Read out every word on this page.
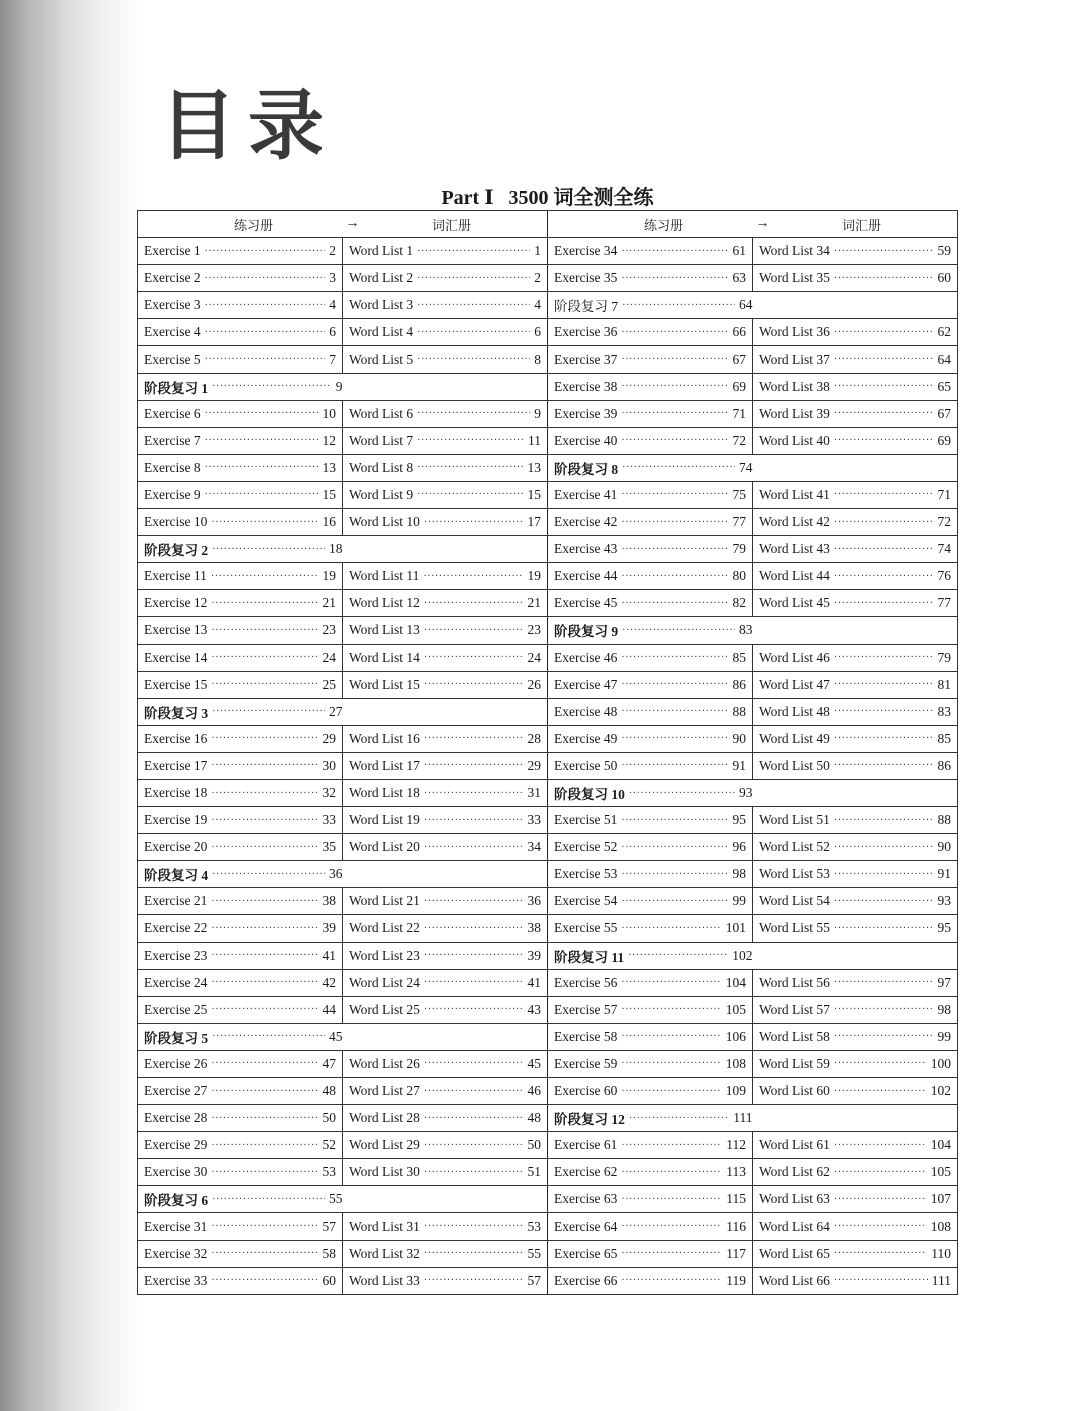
目录
Part Ⅰ   3500 词全测全练
练习册 → 词汇册		练习册 → 词汇册	

Exercise 1 ····· 2	Word List 1 ····· 1	Exercise 34 ····· 61	Word List 34 ····· 59

Exercise 2 ····· 3	Word List 2 ····· 2	Exercise 35 ····· 63	Word List 35 ····· 60

Exercise 3 ····· 4	Word List 3 ····· 4	阶段复习 7 ····· 64

Exercise 4 ····· 6	Word List 4 ····· 6	Exercise 36 ····· 66	Word List 36 ····· 62

Exercise 5 ····· 7	Word List 5 ····· 8	Exercise 37 ····· 67	Word List 37 ····· 64

阶段复习 1 ····· 9		Exercise 38 ····· 69	Word List 38 ····· 65

Exercise 6 ····· 10	Word List 6 ····· 9	Exercise 39 ····· 71	Word List 39 ····· 67

Exercise 7 ····· 12	Word List 7 ····· 11	Exercise 40 ····· 72	Word List 40 ····· 69

Exercise 8 ····· 13	Word List 8 ····· 13	阶段复习 8 ····· 74

Exercise 9 ····· 15	Word List 9 ····· 15	Exercise 41 ····· 75	Word List 41 ····· 71

Exercise 10 ····· 16	Word List 10 ····· 17	Exercise 42 ····· 77	Word List 42 ····· 72

阶段复习 2 ····· 18		Exercise 43 ····· 79	Word List 43 ····· 74

Exercise 11 ····· 19	Word List 11 ····· 19	Exercise 44 ····· 80	Word List 44 ····· 76

Exercise 12 ····· 21	Word List 12 ····· 21	Exercise 45 ····· 82	Word List 45 ····· 77

Exercise 13 ····· 23	Word List 13 ····· 23	阶段复习 9 ····· 83

Exercise 14 ····· 24	Word List 14 ····· 24	Exercise 46 ····· 85	Word List 46 ····· 79

Exercise 15 ····· 25	Word List 15 ····· 26	Exercise 47 ····· 86	Word List 47 ····· 81

阶段复习 3 ····· 27		Exercise 48 ····· 88	Word List 48 ····· 83

Exercise 16 ····· 29	Word List 16 ····· 28	Exercise 49 ····· 90	Word List 49 ····· 85

Exercise 17 ····· 30	Word List 17 ····· 29	Exercise 50 ····· 91	Word List 50 ····· 86

Exercise 18 ····· 32	Word List 18 ····· 31	阶段复习 10 ····· 93

Exercise 19 ····· 33	Word List 19 ····· 33	Exercise 51 ····· 95	Word List 51 ····· 88

Exercise 20 ····· 35	Word List 20 ····· 34	Exercise 52 ····· 96	Word List 52 ····· 90

阶段复习 4 ····· 36		Exercise 53 ····· 98	Word List 53 ····· 91

Exercise 21 ····· 38	Word List 21 ····· 36	Exercise 54 ····· 99	Word List 54 ····· 93

Exercise 22 ····· 39	Word List 22 ····· 38	Exercise 55 ····· 101	Word List 55 ····· 95

Exercise 23 ····· 41	Word List 23 ····· 39	阶段复习 11 ····· 102

Exercise 24 ····· 42	Word List 24 ····· 41	Exercise 56 ····· 104	Word List 56 ····· 97

Exercise 25 ····· 44	Word List 25 ····· 43	Exercise 57 ····· 105	Word List 57 ····· 98

阶段复习 5 ····· 45		Exercise 58 ····· 106	Word List 58 ····· 99

Exercise 26 ····· 47	Word List 26 ····· 45	Exercise 59 ····· 108	Word List 59 ····· 100

Exercise 27 ····· 48	Word List 27 ····· 46	Exercise 60 ····· 109	Word List 60 ····· 102

Exercise 28 ····· 50	Word List 28 ····· 48	阶段复习 12 ····· 111

Exercise 29 ····· 52	Word List 29 ····· 50	Exercise 61 ····· 112	Word List 61 ····· 104

Exercise 30 ····· 53	Word List 30 ····· 51	Exercise 62 ····· 113	Word List 62 ····· 105

阶段复习 6 ····· 55		Exercise 63 ····· 115	Word List 63 ····· 107

Exercise 31 ····· 57	Word List 31 ····· 53	Exercise 64 ····· 116	Word List 64 ····· 108

Exercise 32 ····· 58	Word List 32 ····· 55	Exercise 65 ····· 117	Word List 65 ····· 110

Exercise 33 ····· 60	Word List 33 ····· 57	Exercise 66 ····· 119	Word List 66 ····· 111
